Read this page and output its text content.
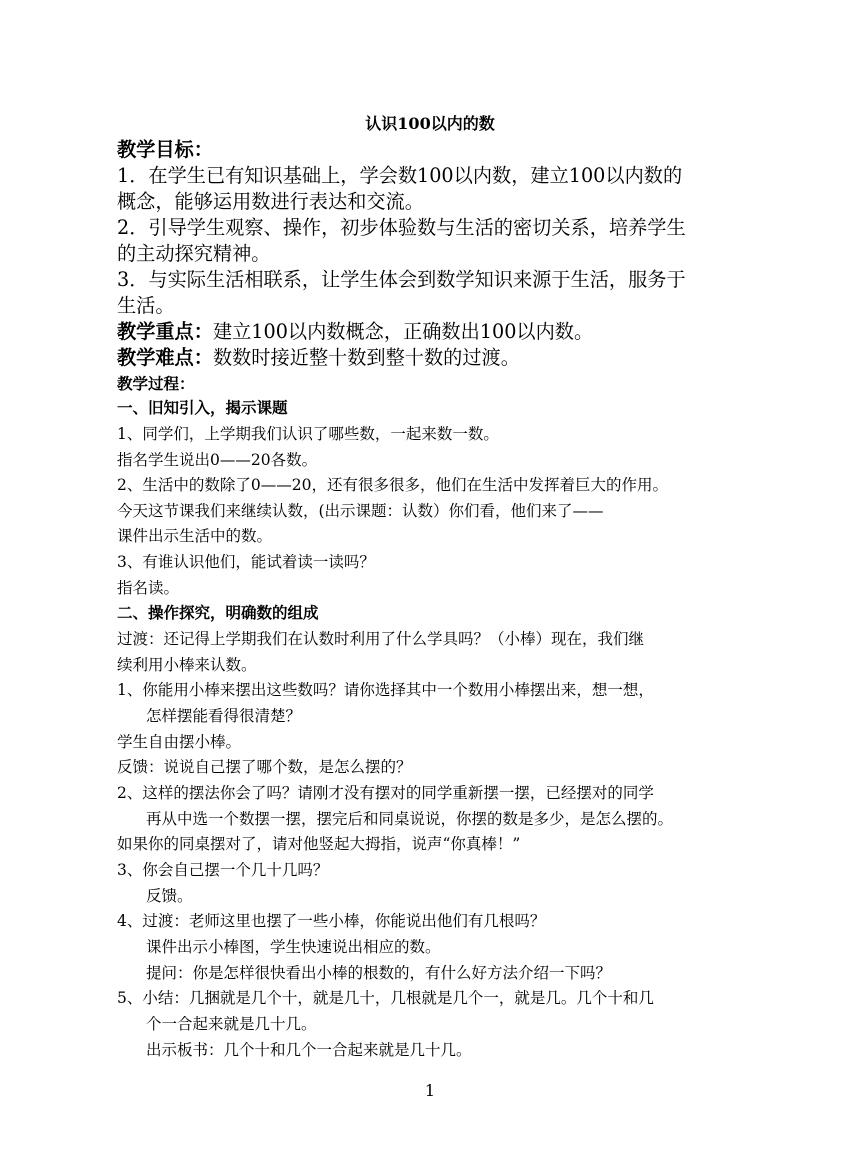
认识100以内的数
教学目标：
1．在学生已有知识基础上，学会数100以内数，建立100以内数的
概念，能够运用数进行表达和交流。
2．引导学生观察、操作，初步体验数与生活的密切关系，培养学生
的主动探究精神。
3．与实际生活相联系，让学生体会到数学知识来源于生活，服务于
生活。
教学重点：建立100以内数概念，正确数出100以内数。
教学难点：数数时接近整十数到整十数的过渡。
教学过程：
一、旧知引入，揭示课题
1、同学们，上学期我们认识了哪些数，一起来数一数。
指名学生说出0——20各数。
2、生活中的数除了0——20，还有很多很多，他们在生活中发挥着巨大的作用。
今天这节课我们来继续认数，(出示课题：认数）你们看，他们来了——
课件出示生活中的数。
3、有谁认识他们，能试着读一读吗？
指名读。
二、操作探究，明确数的组成
过渡：还记得上学期我们在认数时利用了什么学具吗？（小棒）现在，我们继
续利用小棒来认数。
1、你能用小棒来摆出这些数吗？请你选择其中一个数用小棒摆出来，想一想，
怎样摆能看得很清楚？
学生自由摆小棒。
反馈：说说自己摆了哪个数，是怎么摆的？
2、这样的摆法你会了吗？请刚才没有摆对的同学重新摆一摆，已经摆对的同学
再从中选一个数摆一摆，摆完后和同桌说说，你摆的数是多少，是怎么摆的。
如果你的同桌摆对了，请对他竖起大拇指，说声“你真棒！”
3、你会自己摆一个几十几吗？
反馈。
4、过渡：老师这里也摆了一些小棒，你能说出他们有几根吗？
课件出示小棒图，学生快速说出相应的数。
提问：你是怎样很快看出小棒的根数的，有什么好方法介绍一下吗？
5、小结：几捆就是几个十，就是几十，几根就是几个一，就是几。几个十和几
个一合起来就是几十几。
出示板书：几个十和几个一合起来就是几十几。
1
